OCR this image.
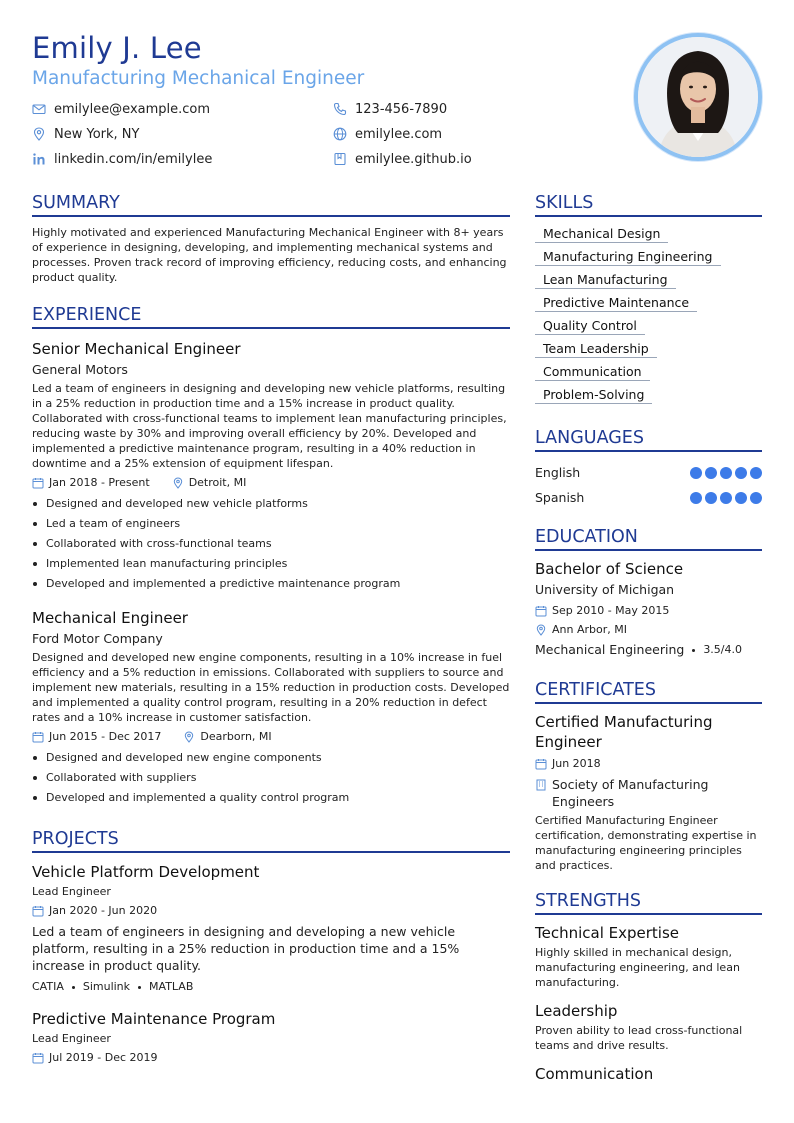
Emily J. Lee
Manufacturing Mechanical Engineer
emilylee@example.com	123-456-7890
New York, NY	emilylee.com
linkedin.com/in/emilylee	emilylee.github.io
SUMMARY
Highly motivated and experienced Manufacturing Mechanical Engineer with 8+ years of experience in designing, developing, and implementing mechanical systems and processes. Proven track record of improving efficiency, reducing costs, and enhancing product quality.
EXPERIENCE
Senior Mechanical Engineer
General Motors
Led a team of engineers in designing and developing new vehicle platforms, resulting in a 25% reduction in production time and a 15% increase in product quality. Collaborated with cross-functional teams to implement lean manufacturing principles, reducing waste by 30% and improving overall efficiency by 20%. Developed and implemented a predictive maintenance program, resulting in a 40% reduction in downtime and a 25% extension of equipment lifespan.
Jan 2018 - Present	Detroit, MI
Designed and developed new vehicle platforms
Led a team of engineers
Collaborated with cross-functional teams
Implemented lean manufacturing principles
Developed and implemented a predictive maintenance program
Mechanical Engineer
Ford Motor Company
Designed and developed new engine components, resulting in a 10% increase in fuel efficiency and a 5% reduction in emissions. Collaborated with suppliers to source and implement new materials, resulting in a 15% reduction in production costs. Developed and implemented a quality control program, resulting in a 20% reduction in defect rates and a 10% increase in customer satisfaction.
Jun 2015 - Dec 2017	Dearborn, MI
Designed and developed new engine components
Collaborated with suppliers
Developed and implemented a quality control program
PROJECTS
Vehicle Platform Development
Lead Engineer
Jan 2020 - Jun 2020
Led a team of engineers in designing and developing a new vehicle platform, resulting in a 25% reduction in production time and a 15% increase in product quality.
CATIA Simulink MATLAB
Predictive Maintenance Program
Lead Engineer
Jul 2019 - Dec 2019
SKILLS
Mechanical Design
Manufacturing Engineering
Lean Manufacturing
Predictive Maintenance
Quality Control
Team Leadership
Communication
Problem-Solving
LANGUAGES
English
Spanish
EDUCATION
Bachelor of Science
University of Michigan
Sep 2010 - May 2015
Ann Arbor, MI
Mechanical Engineering 3.5/4.0
CERTIFICATES
Certified Manufacturing Engineer
Jun 2018
Society of Manufacturing Engineers
Certified Manufacturing Engineer certification, demonstrating expertise in manufacturing engineering principles and practices.
STRENGTHS
Technical Expertise
Highly skilled in mechanical design, manufacturing engineering, and lean manufacturing.
Leadership
Proven ability to lead cross-functional teams and drive results.
Communication
